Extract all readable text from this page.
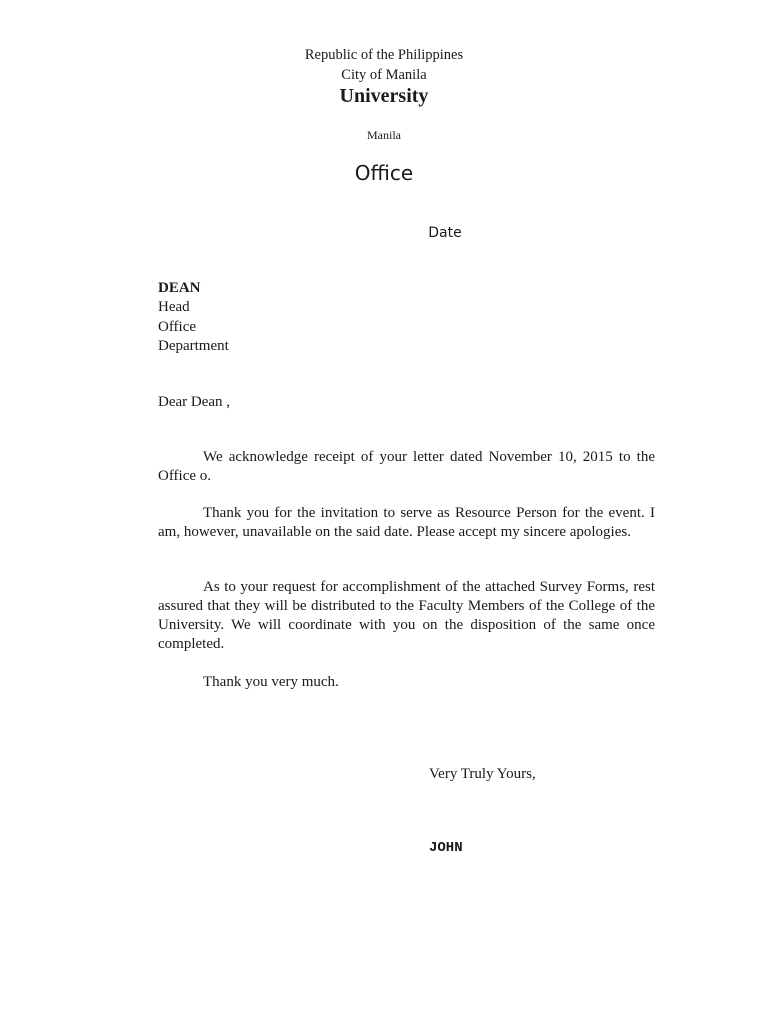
Republic of the Philippines
City of Manila
University
Manila
Office
Date
DEAN
Head
Office
Department
Dear Dean ,

We acknowledge receipt of your letter dated November 10, 2015 to the Office o.

Thank you for the invitation to serve as Resource Person for the event. I am, however, unavailable on the said date. Please accept my sincere apologies.

As to your request for accomplishment of the attached Survey Forms, rest assured that they will be distributed to the Faculty Members of the College of the University. We will coordinate with you on the disposition of the same once completed.

Thank you very much.

Very Truly Yours,
JOHN
